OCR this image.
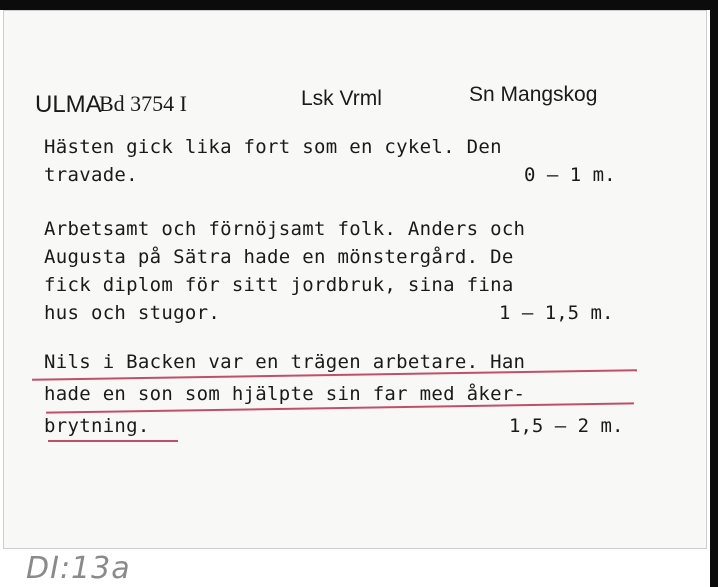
ULMA
Bd 3754 I	Lsk Vrml	Sn Mangskog
Hästen gick lika fort som en cykel. Den
travade.	0 – 1 m.
Arbetsamt och förnöjsamt folk. Anders och
Augusta på Sätra hade en mönstergård. De
fick diplom för sitt jordbruk, sina fina
hus och stugor.	1 – 1,5 m.
Nils i Backen var en trägen arbetare. Han
hade en son som hjälpte sin far med åker-
brytning.	1,5 – 2 m.
DI:13a
